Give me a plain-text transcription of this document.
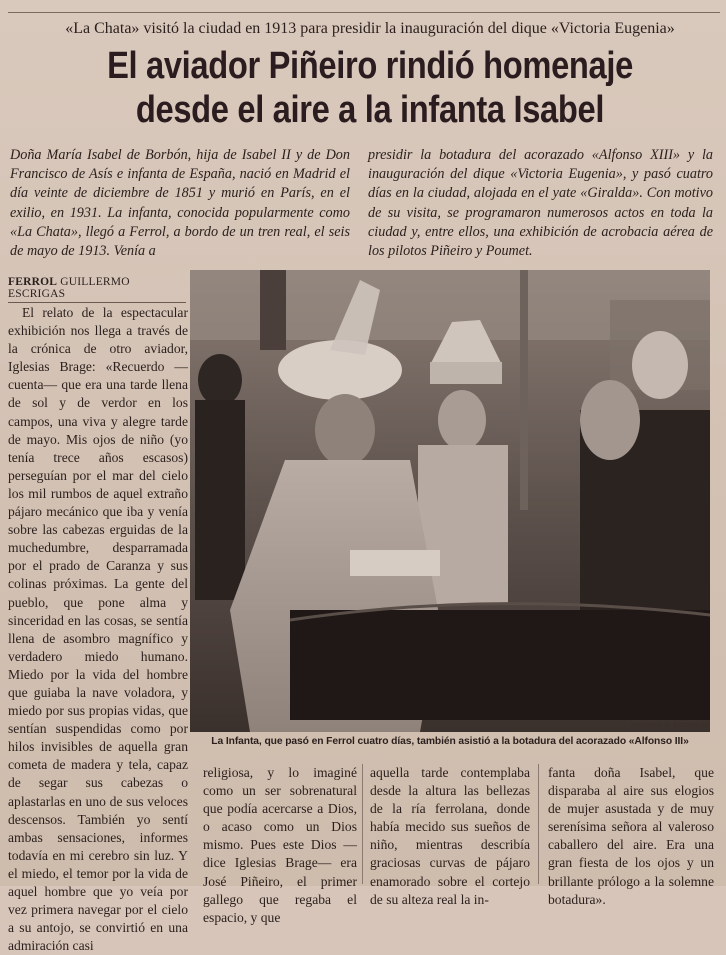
«La Chata» visitó la ciudad en 1913 para presidir la inauguración del dique «Victoria Eugenia»
El aviador Piñeiro rindió homenaje
desde el aire a la infanta Isabel
Doña María Isabel de Borbón, hija de Isabel II y de Don Francisco de Asís e infanta de España, nació en Madrid el día veinte de diciembre de 1851 y murió en París, en el exilio, en 1931. La infanta, conocida popularmente como «La Chata», llegó a Ferrol, a bordo de un tren real, el seis de mayo de 1913. Venía a
presidir la botadura del acorazado «Alfonso XIII» y la inauguración del dique «Victoria Eugenia», y pasó cuatro días en la ciudad, alojada en el yate «Giralda». Con motivo de su visita, se programaron numerosos actos en toda la ciudad y, entre ellos, una exhibición de acrobacia aérea de los pilotos Piñeiro y Poumet.
FERROL GUILLERMO ESCRIGAS
El relato de la espectacular exhibición nos llega a través de la crónica de otro aviador, Iglesias Brage: «Recuerdo —cuenta— que era una tarde llena de sol y de verdor en los campos, una viva y alegre tarde de mayo. Mis ojos de niño (yo tenía trece años escasos) perseguían por el mar del cielo los mil rumbos de aquel extraño pájaro mecánico que iba y venía sobre las cabezas erguidas de la muchedumbre, desparramada por el prado de Caranza y sus colinas próximas. La gente del pueblo, que pone alma y sinceridad en las cosas, se sentía llena de asombro magnífico y verdadero miedo humano. Miedo por la vida del hombre que guiaba la nave voladora, y miedo por sus propias vidas, que sentían suspendidas como por hilos invisibles de aquella gran cometa de madera y tela, capaz de segar sus cabezas o aplastarlas en uno de sus veloces descensos. También yo sentí ambas sensaciones, informes todavía en mi cerebro sin luz. Y el miedo, el temor por la vida de aquel hombre que yo veía por vez primera navegar por el cielo a su antojo, se convirtió en una admiración casi
ARCHIVO G. ESCRIGAS
La Infanta, que pasó en Ferrol cuatro días, también asistió a la botadura del acorazado «Alfonso III»
religiosa, y lo imaginé como un ser sobrenatural que podía acercarse a Dios, o acaso como un Dios mismo. Pues este Dios —dice Iglesias Brage— era José Piñeiro, el primer gallego que regaba el espacio, y que
aquella tarde contemplaba desde la altura las bellezas de la ría ferrolana, donde había mecido sus sueños de niño, mientras describía graciosas curvas de pájaro enamorado sobre el cortejo de su alteza real la in-
fanta doña Isabel, que disparaba al aire sus elogios de mujer asustada y de muy serenísima señora al valeroso caballero del aire. Era una gran fiesta de los ojos y un brillante prólogo a la solemne botadura».
